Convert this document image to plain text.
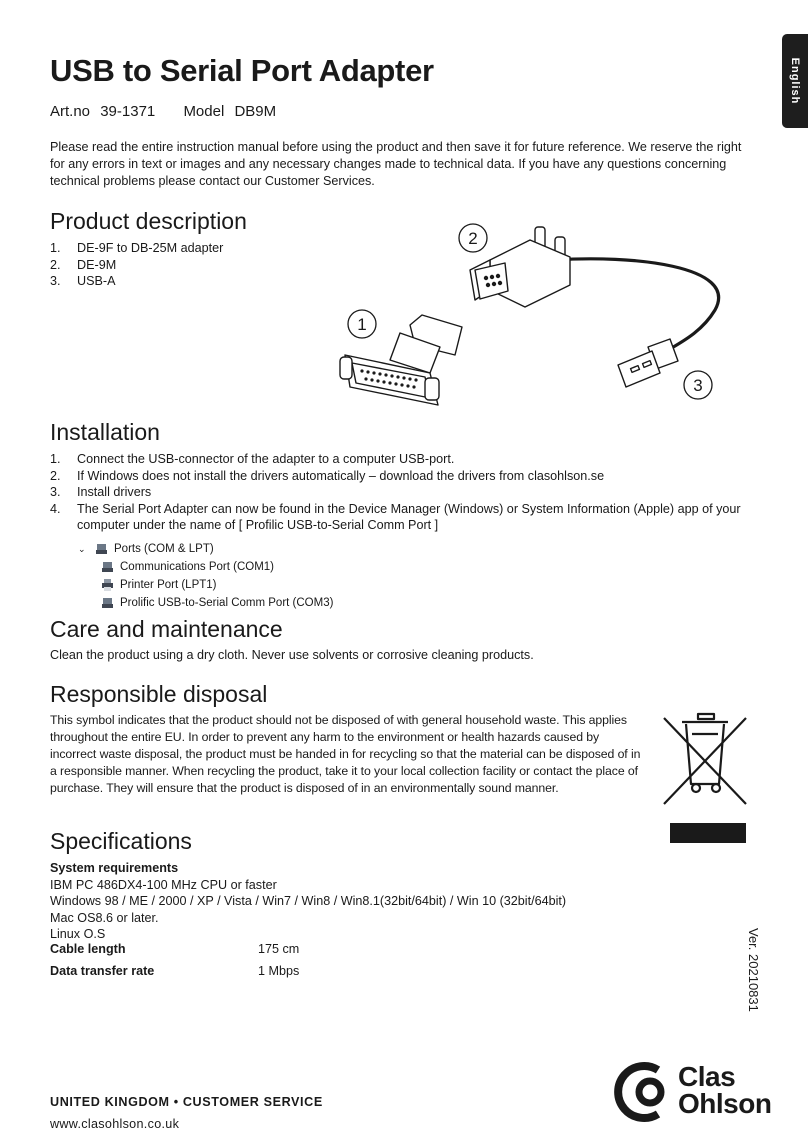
English
USB to Serial Port Adapter
Art.no 39-1371 Model DB9M
Please read the entire instruction manual before using the product and then save it for future reference. We reserve the right for any errors in text or images and any necessary changes made to technical data. If you have any questions concerning technical problems please contact our Customer Services.
Product description
1.	DE-9F to DB-25M adapter
2.	DE-9M
3.	USB-A
2
1
3
Installation
1.	Connect the USB-connector of the adapter to a computer USB-port.
2.	If Windows does not install the drivers automatically – download the drivers from clasohlson.se
3.	Install drivers
4.	The Serial Port Adapter can now be found in the Device Manager (Windows) or System Information (Apple) app of your computer under the name of [ Profilic USB-to-Serial Comm Port ]
⌄	Ports (COM & LPT)
Communications Port (COM1)
Printer Port (LPT1)
Prolific USB-to-Serial Comm Port (COM3)
Care and maintenance
Clean the product using a dry cloth. Never use solvents or corrosive cleaning products.
Responsible disposal
This symbol indicates that the product should not be disposed of with general household waste. This applies throughout the entire EU. In order to prevent any harm to the environment or health hazards caused by incorrect waste disposal, the product must be handed in for recycling so that the material can be disposed of in a responsible manner. When recycling the product, take it to your local collection facility or contact the place of purchase. They will ensure that the product is disposed of in an environmentally sound manner.
Specifications
System requirements
IBM PC 486DX4-100 MHz CPU or faster
Windows 98 / ME / 2000 / XP / Vista / Win7 / Win8 / Win8.1(32bit/64bit) / Win 10 (32bit/64bit)
Mac OS8.6 or later.
Linux O.S
Cable length	175 cm
Data transfer rate	1 Mbps	Ver. 20210831
UNITED KINGDOM • CUSTOMER SERVICE
www.clasohlson.co.uk
Clas
Ohlson
